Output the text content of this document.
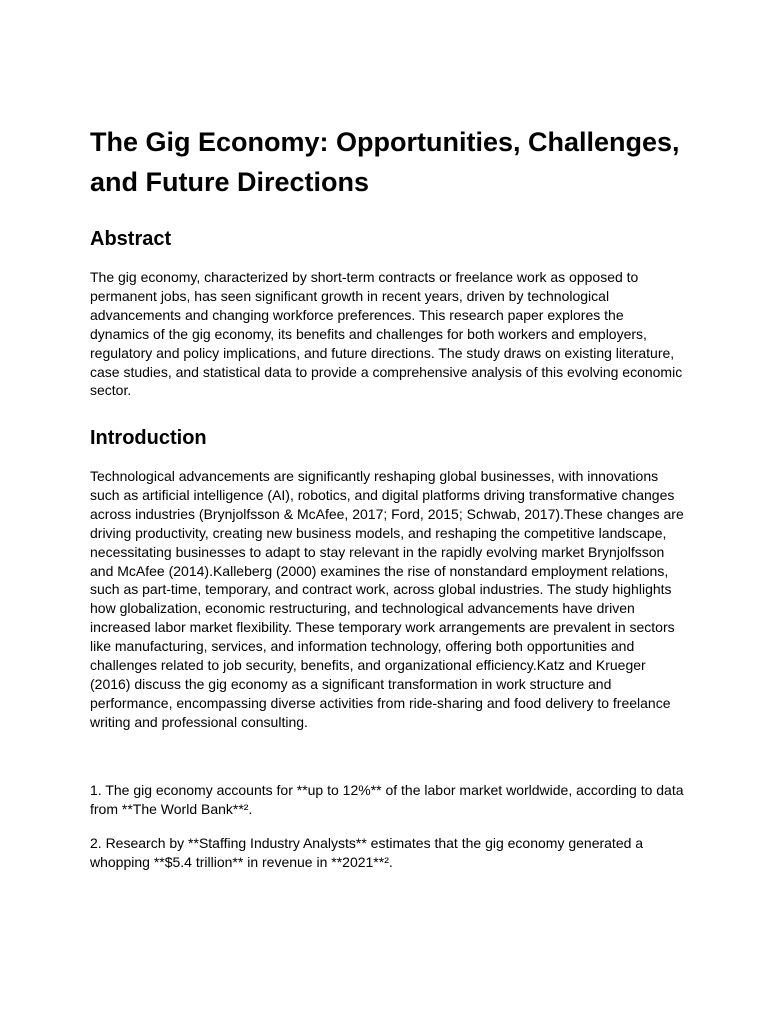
The Gig Economy: Opportunities, Challenges, and Future Directions
Abstract

The gig economy, characterized by short-term contracts or freelance work as opposed to
permanent jobs, has seen significant growth in recent years, driven by technological
advancements and changing workforce preferences. This research paper explores the
dynamics of the gig economy, its benefits and challenges for both workers and employers,
regulatory and policy implications, and future directions. The study draws on existing literature,
case studies, and statistical data to provide a comprehensive analysis of this evolving economic
sector.

Introduction

Technological advancements are significantly reshaping global businesses, with innovations
such as artificial intelligence (AI), robotics, and digital platforms driving transformative changes
across industries (Brynjolfsson & McAfee, 2017; Ford, 2015; Schwab, 2017).These changes are
driving productivity, creating new business models, and reshaping the competitive landscape,
necessitating businesses to adapt to stay relevant in the rapidly evolving market Brynjolfsson
and McAfee (2014).Kalleberg (2000) examines the rise of nonstandard employment relations,
such as part-time, temporary, and contract work, across global industries. The study highlights
how globalization, economic restructuring, and technological advancements have driven
increased labor market flexibility. These temporary work arrangements are prevalent in sectors
like manufacturing, services, and information technology, offering both opportunities and
challenges related to job security, benefits, and organizational efficiency.Katz and Krueger
(2016) discuss the gig economy as a significant transformation in work structure and
performance, encompassing diverse activities from ride-sharing and food delivery to freelance
writing and professional consulting.

1. The gig economy accounts for **up to 12%** of the labor market worldwide, according to data
from **The World Bank**².

2. Research by **Staffing Industry Analysts** estimates that the gig economy generated a
whopping **$5.4 trillion** in revenue in **2021**².
